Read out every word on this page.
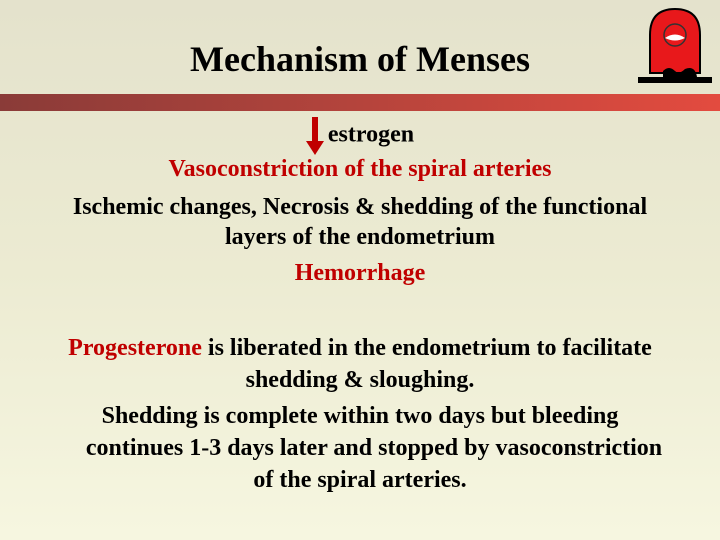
Mechanism of Menses
estrogen
Vasoconstriction of the spiral arteries
Ischemic changes, Necrosis & shedding of the functional
layers of the endometrium
Hemorrhage
Progesterone is liberated in the endometrium to facilitate
shedding & sloughing.
Shedding is complete within two days but bleeding
continues 1-3 days later and stopped by vasoconstriction
of the spiral arteries.
